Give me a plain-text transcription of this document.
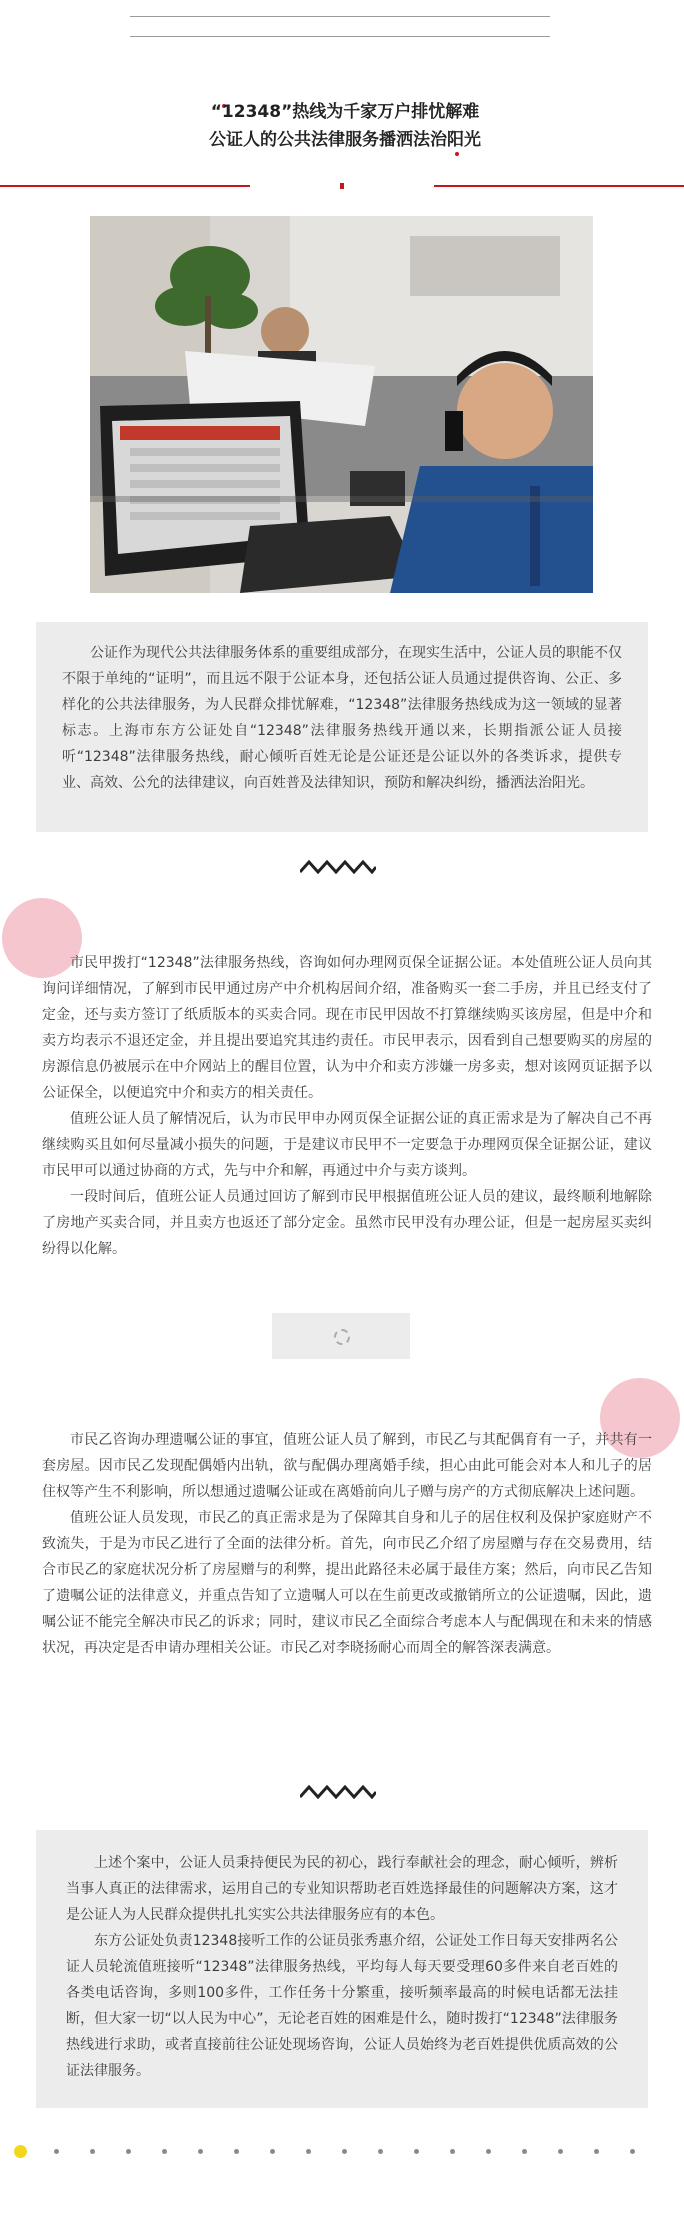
“12348”热线为千家万户排忧解难

公证人的公共法律服务播洒法治阳光

公证作为现代公共法律服务体系的重要组成部分，在现实生活中，公证人员的职能不仅不限于单纯的“证明”，而且远不限于公证本身，还包括公证人员通过提供咨询、公正、多样化的公共法律服务，为人民群众排忧解难，“12348”法律服务热线成为这一领域的显著标志。上海市东方公证处自“12348”法律服务热线开通以来，长期指派公证人员接听“12348”法律服务热线，耐心倾听百姓无论是公证还是公证以外的各类诉求，提供专业、高效、公允的法律建议，向百姓普及法律知识，预防和解决纠纷，播洒法治阳光。

市民甲拨打“12348”法律服务热线，咨询如何办理网页保全证据公证。本处值班公证人员向其询问详细情况，了解到市民甲通过房产中介机构居间介绍，准备购买一套二手房，并且已经支付了定金，还与卖方签订了纸质版本的买卖合同。现在市民甲因故不打算继续购买该房屋，但是中介和卖方均表示不退还定金，并且提出要追究其违约责任。市民甲表示，因看到自己想要购买的房屋的房源信息仍被展示在中介网站上的醒目位置，认为中介和卖方涉嫌一房多卖，想对该网页证据予以公证保全，以便追究中介和卖方的相关责任。

值班公证人员了解情况后，认为市民甲申办网页保全证据公证的真正需求是为了解决自己不再继续购买且如何尽量减小损失的问题，于是建议市民甲不一定要急于办理网页保全证据公证，建议市民甲可以通过协商的方式，先与中介和解，再通过中介与卖方谈判。

一段时间后，值班公证人员通过回访了解到市民甲根据值班公证人员的建议，最终顺利地解除了房地产买卖合同，并且卖方也返还了部分定金。虽然市民甲没有办理公证，但是一起房屋买卖纠纷得以化解。

市民乙咨询办理遗嘱公证的事宜，值班公证人员了解到，市民乙与其配偶育有一子，并共有一套房屋。因市民乙发现配偶婚内出轨，欲与配偶办理离婚手续，担心由此可能会对本人和儿子的居住权等产生不利影响，所以想通过遗嘱公证或在离婚前向儿子赠与房产的方式彻底解决上述问题。

值班公证人员发现，市民乙的真正需求是为了保障其自身和儿子的居住权利及保护家庭财产不致流失，于是为市民乙进行了全面的法律分析。首先，向市民乙介绍了房屋赠与存在交易费用，结合市民乙的家庭状况分析了房屋赠与的利弊，提出此路径未必属于最佳方案；然后，向市民乙告知了遗嘱公证的法律意义，并重点告知了立遗嘱人可以在生前更改或撤销所立的公证遗嘱，因此，遗嘱公证不能完全解决市民乙的诉求；同时，建议市民乙全面综合考虑本人与配偶现在和未来的情感状况，再决定是否申请办理相关公证。市民乙对李晓扬耐心而周全的解答深表满意。

上述个案中，公证人员秉持便民为民的初心，践行奉献社会的理念，耐心倾听，辨析当事人真正的法律需求，运用自己的专业知识帮助老百姓选择最佳的问题解决方案，这才是公证人为人民群众提供扎扎实实公共法律服务应有的本色。

东方公证处负责12348接听工作的公证员张秀惠介绍，公证处工作日每天安排两名公证人员轮流值班接听“12348”法律服务热线，平均每人每天要受理60多件来自老百姓的各类电话咨询，多则100多件，工作任务十分繁重，接听频率最高的时候电话都无法挂断，但大家一切“以人民为中心”，无论老百姓的困难是什么，随时拨打“12348”法律服务热线进行求助，或者直接前往公证处现场咨询，公证人员始终为老百姓提供优质高效的公证法律服务。
